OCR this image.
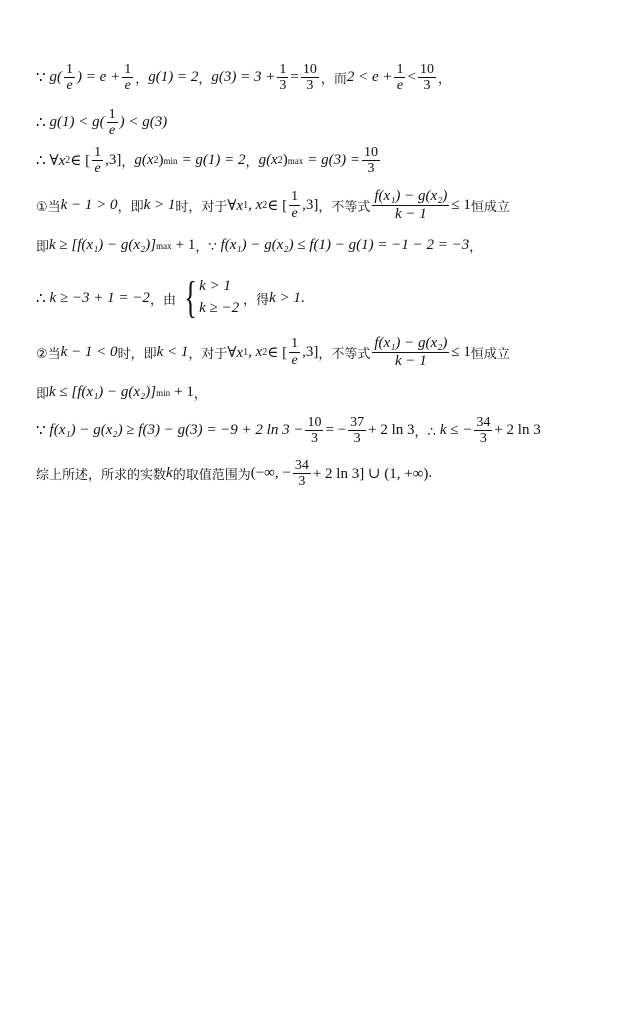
∵ $g( \frac{1}{e}$ ) = $e + \frac{1}{e}$ ， g(1) = 2 ， $g(3) = 3 + \frac{1}{3} = \frac{10}{3}$ ，而 $2 < e + \frac{1}{e} < \frac{10}{3}$ ，
∴ $g(1) < g( \frac{1}{e}$ ) < g(3)
∴ ∀x 2 ∈ [ $\frac{1}{e} ,3$] ， g(x 2 ) min = g(1) = 2 ， g(x 2 ) $\max = g(3) = \frac{10}{3}$
①当 k − 1 > 0 ，即 k > 1 时，对于 ∀x 1 , x 2 ∈ [ $\frac{1}{e} ,3$] ，不等式 $\frac{\text{f(x₁) − g(x₂)}}{k - 1} \le 1$ 恒成立
即 k ≥ [f(x₁) − g(x₂)] max + 1 ，∵ f(x₁) − g(x₂) ≤ f(1) − g(1) = −1 − 2 = −3 ，
∴ k ≥ −3 + 1 = −2 ，由 { k > 1
k ≥ −2 ，得 k > 1 .
②当 k − 1 < 0 时，即 k < 1 ，对于 ∀x 1 , x 2 ∈ [ $\frac{1}{e} ,3$] ，不等式 $\frac{\text{f(x₁) − g(x₂)}}{k - 1} \le 1$ 恒成立
即 k ≤ [f(x₁) − g(x₂)] min + 1 ，
∵ f(x₁) − g(x₂) ≥ f(3) − g(3) = −9 + 2 $\ln 3 - \frac{10}{3}$ = − $\frac{37}{3} + 2$ ln 3 ，∴ k ≤ − $\frac{34}{3} + 2$ ln 3
综上所述，所求的实数 k 的取值范围为 (−∞, − $\frac{34}{3} + 2$ ln 3] ∪ (1, +∞) .
